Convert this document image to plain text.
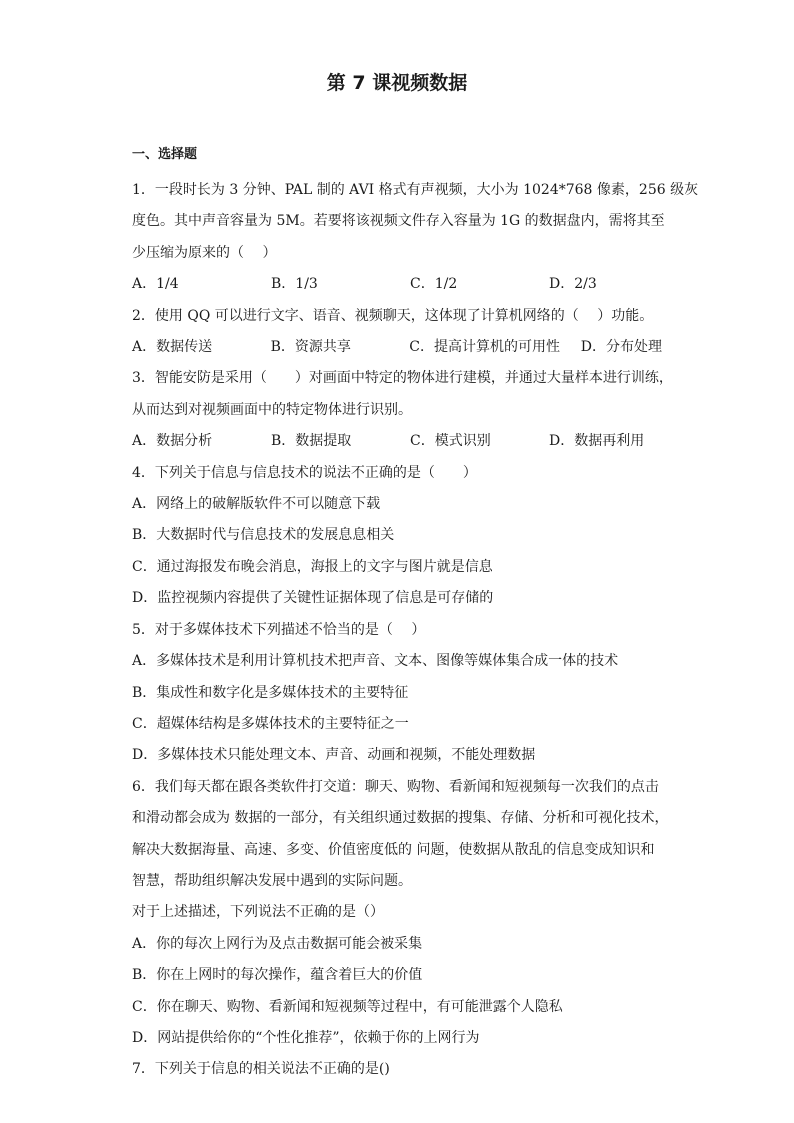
第 7 课视频数据
一、选择题
1．一段时长为 3 分钟、PAL 制的 AVI 格式有声视频，大小为 1024*768 像素，256 级灰
度色。其中声音容量为 5M。若要将该视频文件存入容量为 1G 的数据盘内，需将其至
少压缩为原来的（　 ）
A．1/4	B．1/3	C．1/2	D．2/3
2．使用 QQ 可以进行文字、语音、视频聊天，这体现了计算机网络的（　 ）功能。
A．数据传送	B．资源共享	C．提高计算机的可用性	D．分布处理
3．智能安防是采用（　　）对画面中特定的物体进行建模，并通过大量样本进行训练，
从而达到对视频画面中的特定物体进行识别。
A．数据分析	B．数据提取	C．模式识别	D．数据再利用
4．下列关于信息与信息技术的说法不正确的是（　　）
A．网络上的破解版软件不可以随意下载
B．大数据时代与信息技术的发展息息相关
C．通过海报发布晚会消息，海报上的文字与图片就是信息
D．监控视频内容提供了关键性证据体现了信息是可存储的
5．对于多媒体技术下列描述不恰当的是（　 ）
A．多媒体技术是利用计算机技术把声音、文本、图像等媒体集合成一体的技术
B．集成性和数字化是多媒体技术的主要特征
C．超媒体结构是多媒体技术的主要特征之一
D．多媒体技术只能处理文本、声音、动画和视频，不能处理数据
6．我们每天都在跟各类软件打交道：聊天、购物、看新闻和短视频每一次我们的点击
和滑动都会成为 数据的一部分，有关组织通过数据的搜集、存储、分析和可视化技术，
解决大数据海量、高速、多变、价值密度低的 问题，使数据从散乱的信息变成知识和
智慧，帮助组织解决发展中遇到的实际问题。
对于上述描述，下列说法不正确的是（）
A．你的每次上网行为及点击数据可能会被采集
B．你在上网时的每次操作，蕴含着巨大的价值
C．你在聊天、购物、看新闻和短视频等过程中，有可能泄露个人隐私
D．网站提供给你的“个性化推荐”，依赖于你的上网行为
7．下列关于信息的相关说法不正确的是()
